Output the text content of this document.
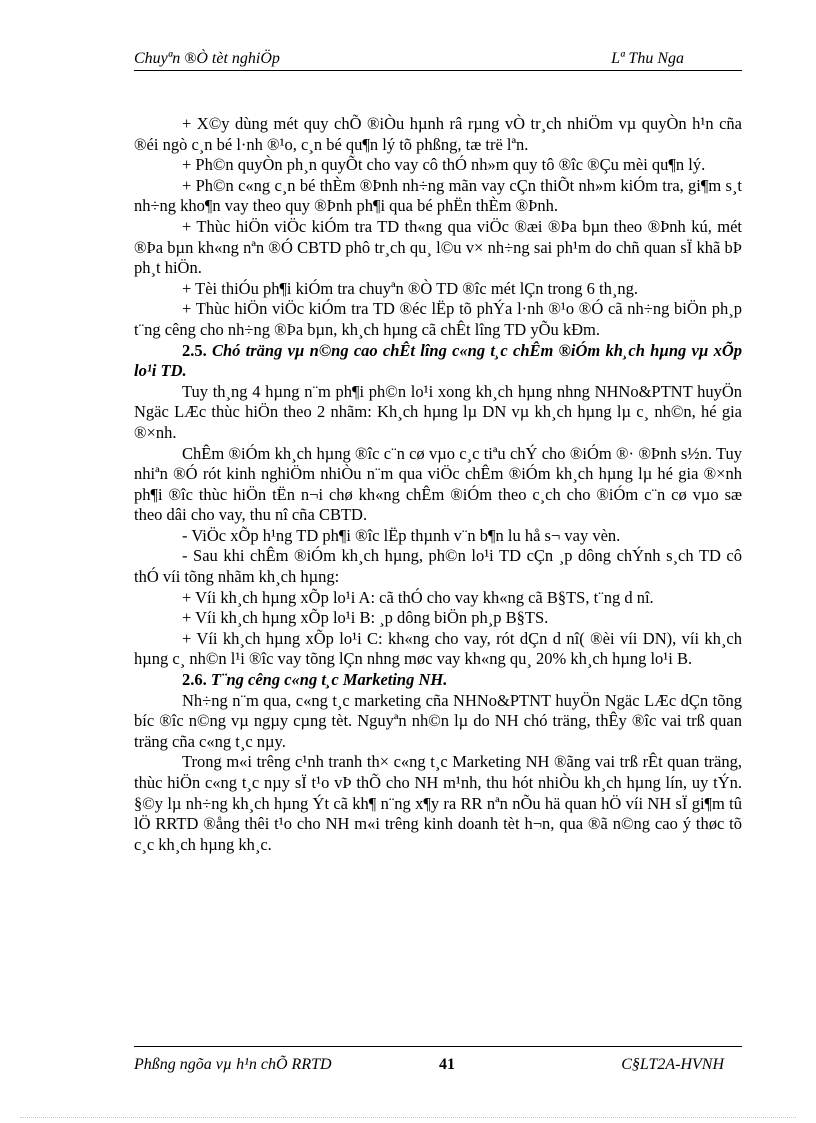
Chuyªn ®Ò tèt nghiÖp	Lª Thu Nga

+ X©y dùng mét quy chÕ ®iÒu hµnh râ rµng vÒ tr¸ch nhiÖm vµ quyÒn h¹n cña ®éi ngò c¸n bé l·nh ®¹o, c¸n bé qu¶n lý tõ phßng, tæ trë lªn.

+ Ph©n quyÒn ph¸n quyÕt cho vay cô thÓ nh»m quy tô ®îc ®Çu mèi qu¶n lý.

+ Ph©n c«ng c¸n bé thÈm ®Þnh nh÷ng mãn vay cÇn thiÕt nh»m kiÓm tra, gi¶m s¸t nh÷ng kho¶n vay theo quy ®Þnh ph¶i qua bé phËn thÈm ®Þnh.

+ Thùc hiÖn viÖc kiÓm tra TD th«ng qua viÖc ®æi ®Þa bµn theo ®Þnh kú, mét ®Þa bµn kh«ng nªn ®Ó CBTD phô tr¸ch qu¸ l©u v× nh÷ng sai ph¹m do chñ quan sÏ khã bÞ ph¸t hiÖn.

+ Tèi thiÓu ph¶i kiÓm tra chuyªn ®Ò TD ®îc mét lÇn trong 6 th¸ng.

+ Thùc hiÖn viÖc kiÓm tra TD ®éc lËp tõ phÝa l·nh ®¹o ®Ó cã nh÷ng biÖn ph¸p t¨ng cêng cho nh÷ng ®Þa bµn, kh¸ch hµng cã chÊt lîng TD yÕu kÐm.

2.5. Chó träng vµ n©ng cao chÊt lîng c«ng t¸c chÊm ®iÓm kh¸ch hµng vµ xÕp lo¹i TD.

Tuy th¸ng 4 hµng n¨m ph¶i ph©n lo¹i xong kh¸ch hµng nhng NHNo&PTNT huyÖn Ngäc LÆc thùc hiÖn theo 2 nhãm: Kh¸ch hµng lµ DN vµ kh¸ch hµng lµ c¸ nh©n, hé gia ®×nh.

ChÊm ®iÓm kh¸ch hµng ®îc c¨n cø vµo c¸c tiªu chÝ cho ®iÓm ®· ®Þnh s½n. Tuy nhiªn ®Ó rót kinh nghiÖm nhiÒu n¨m qua viÖc chÊm ®iÓm kh¸ch hµng lµ hé gia ®×nh ph¶i ®îc thùc hiÖn tËn n¬i chø kh«ng chÊm ®iÓm theo c¸ch cho ®iÓm c¨n cø vµo sæ theo dâi cho vay, thu nî cña CBTD.

- ViÖc xÕp h¹ng TD ph¶i ®îc lËp thµnh v¨n b¶n lu hå s¬ vay vèn.

- Sau khi chÊm ®iÓm kh¸ch hµng, ph©n lo¹i TD cÇn ¸p dông chÝnh s¸ch TD cô thÓ víi tõng nhãm kh¸ch hµng:

+ Víi kh¸ch hµng xÕp lo¹i A: cã thÓ cho vay kh«ng cã B§TS, t¨ng d nî.

+ Víi kh¸ch hµng xÕp lo¹i B: ¸p dông biÖn ph¸p B§TS.

+ Víi kh¸ch hµng xÕp lo¹i C: kh«ng cho vay, rót dÇn d nî( ®èi víi DN), víi kh¸ch hµng c¸ nh©n l¹i ®îc vay tõng lÇn nhng møc vay kh«ng qu¸ 20% kh¸ch hµng lo¹i B.

2.6. T¨ng cêng c«ng t¸c Marketing NH.

Nh÷ng n¨m qua, c«ng t¸c marketing cña NHNo&PTNT huyÖn Ngäc LÆc dÇn tõng bíc ®îc n©ng vµ ngµy cµng tèt. Nguyªn nh©n lµ do NH chó träng, thÊy ®îc vai trß quan träng cña c«ng t¸c nµy.

Trong m«i trêng c¹nh tranh th× c«ng t¸c Marketing NH ®ãng vai trß rÊt quan träng, thùc hiÖn c«ng t¸c nµy sÏ t¹o vÞ thÕ cho NH m¹nh, thu hót nhiÒu kh¸ch hµng lín, uy tÝn. §©y lµ nh÷ng kh¸ch hµng Ýt cã kh¶ n¨ng x¶y ra RR nªn nÕu hä quan hÖ víi NH sÏ gi¶m tû lÖ RRTD ®ång thêi t¹o cho NH m«i trêng kinh doanh tèt h¬n, qua ®ã n©ng cao ý thøc tõ c¸c kh¸ch hµng kh¸c.

Phßng ngõa vµ h¹n chÕ RRTD	41	C§LT2A-HVNH
